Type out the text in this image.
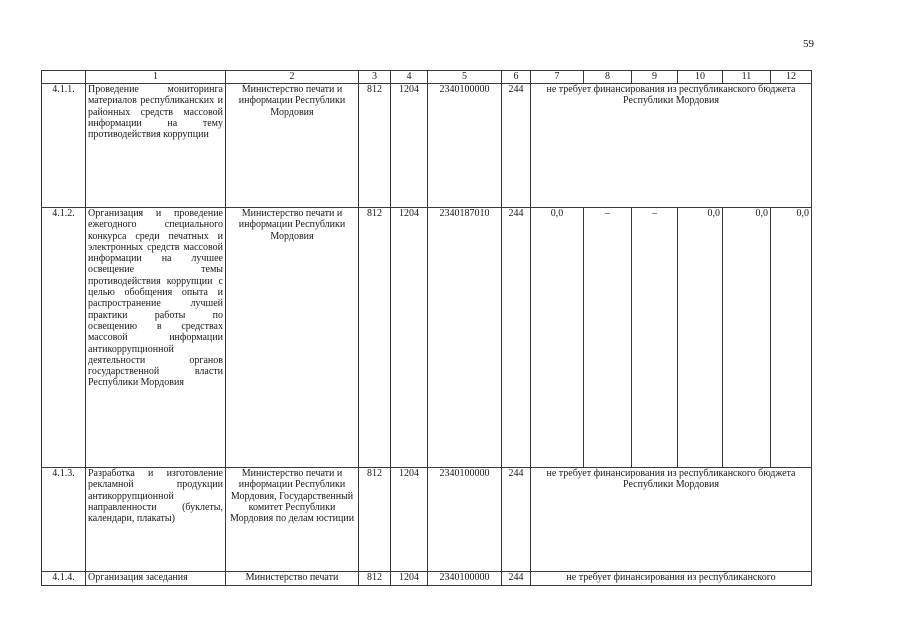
59
	1	2	3	4	5	6	7	8	9	10	11	12
4.1.1.	Проведение мониторинга материалов республиканских и районных средств массовой информации на тему противодействия коррупции	Министерство печати и информации Республики Мордовия	812	1204	2340100000	244	не требует финансирования из республиканского бюджета Республики Мордовия					
4.1.2.	Организация и проведение ежегодного специального конкурса среди печатных и электронных средств массовой информации на лучшее освещение темы противодействия коррупции с целью обобщения опыта и распространение лучшей практики работы по освещению в средствах массовой информации антикоррупционной деятельности органов государственной власти Республики Мордовия	Министерство печати и информации Республики Мордовия	812	1204	2340187010	244	0,0	–	–	0,0	0,0	0,0
4.1.3.	Разработка и изготовление рекламной продукции антикоррупционной направленности (буклеты, календари, плакаты)	Министерство печати и информации Республики Мордовия, Государственный комитет Республики Мордовия по делам юстиции	812	1204	2340100000	244	не требует финансирования из республиканского бюджета Республики Мордовия					
4.1.4.	Организация заседания	Министерство печати	812	1204	2340100000	244	не требует финансирования из республиканского					
